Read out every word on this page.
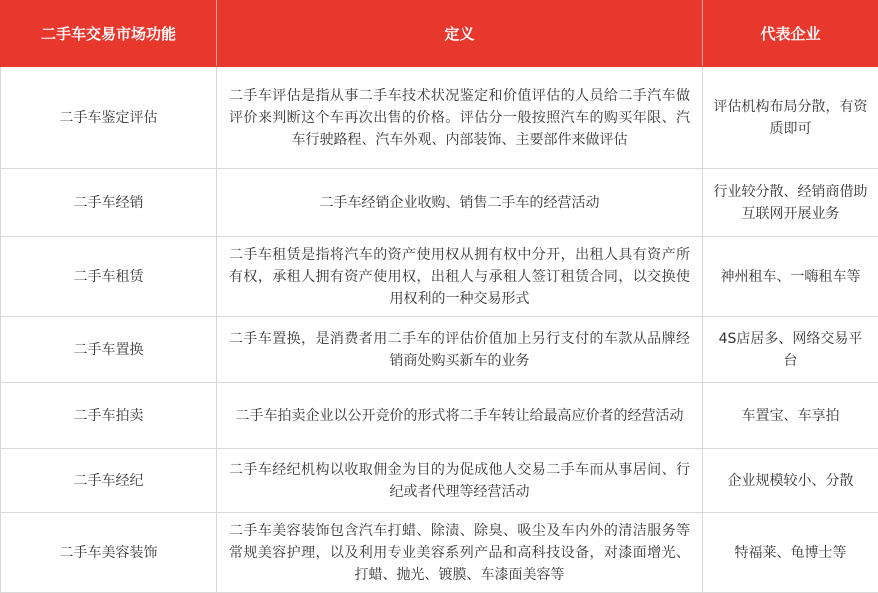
二手车交易市场功能	定义	代表企业
二手车鉴定评估	二手车评估是指从事二手车技术状况鉴定和价值评估的人员给二手汽车做评价来判断这个车再次出售的价格。评估分一般按照汽车的购买年限、汽车行驶路程、汽车外观、内部装饰、主要部件来做评估	评估机构布局分散，有资质即可
二手车经销	二手车经销企业收购、销售二手车的经营活动	行业较分散、经销商借助互联网开展业务
二手车租赁	二手车租赁是指将汽车的资产使用权从拥有权中分开，出租人具有资产所有权，承租人拥有资产使用权，出租人与承租人签订租赁合同，以交换使用权利的一种交易形式	神州租车、一嗨租车等
二手车置换	二手车置换，是消费者用二手车的评估价值加上另行支付的车款从品牌经销商处购买新车的业务	4S店居多、网络交易平台
二手车拍卖	二手车拍卖企业以公开竞价的形式将二手车转让给最高应价者的经营活动	车置宝、车享拍
二手车经纪	二手车经纪机构以收取佣金为目的为促成他人交易二手车而从事居间、行纪或者代理等经营活动	企业规模较小、分散
二手车美容装饰	二手车美容装饰包含汽车打蜡、除渍、除臭、吸尘及车内外的清洁服务等常规美容护理，以及利用专业美容系列产品和高科技设备，对漆面增光、打蜡、抛光、镀膜、车漆面美容等	特福莱、龟博士等
